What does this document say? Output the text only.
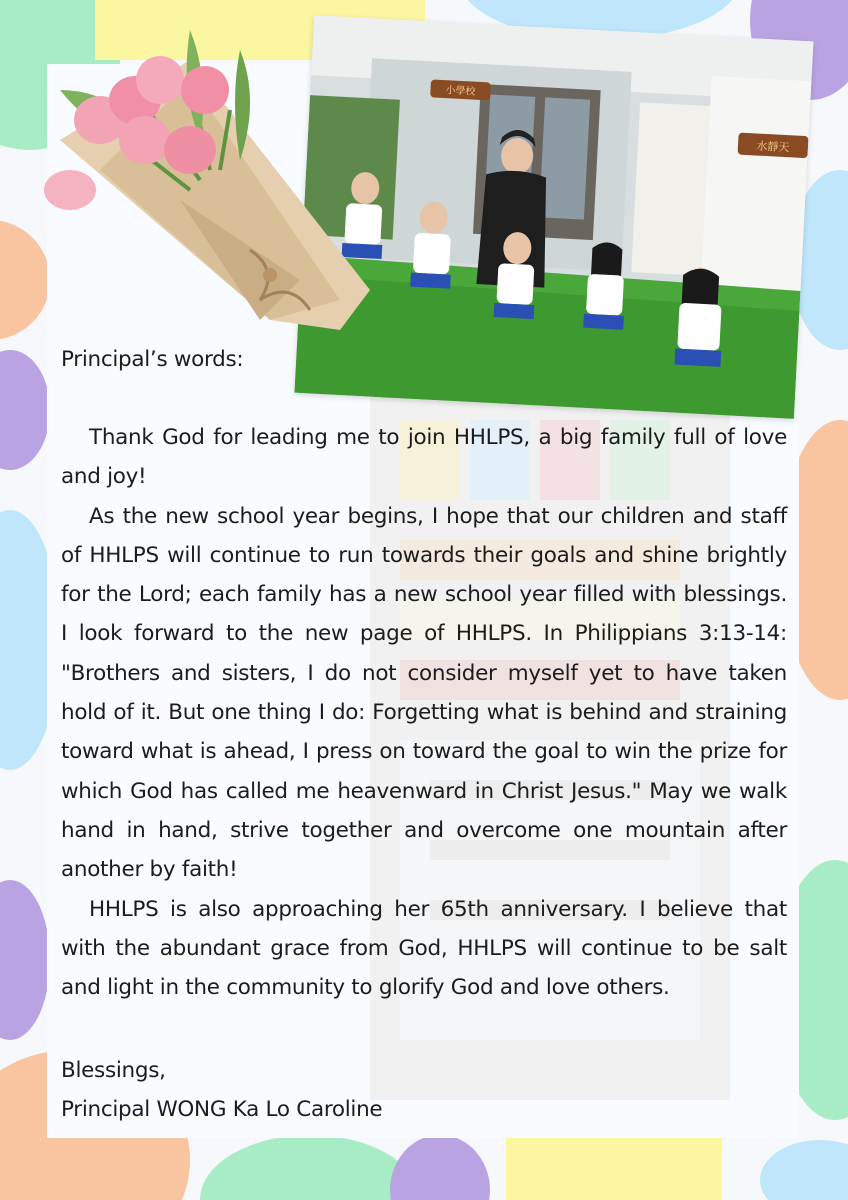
小學校
水靜天
Principal’s words:

Thank God for leading me to join HHLPS, a big family full of love and joy!

As the new school year begins, I hope that our children and staff of HHLPS will continue to run towards their goals and shine brightly for the Lord; each family has a new school year filled with blessings. I look forward to the new page of HHLPS. In Philippians 3:13-14: "Brothers and sisters, I do not consider myself yet to have taken hold of it. But one thing I do: Forgetting what is behind and straining toward what is ahead, I press on toward the goal to win the prize for which God has called me heavenward in Christ Jesus." May we walk hand in hand, strive together and overcome one mountain after another by faith!

HHLPS is also approaching her 65th anniversary. I believe that with the abundant grace from God, HHLPS will continue to be salt and light in the community to glorify God and love others.

Blessings,
Principal WONG Ka Lo Caroline
